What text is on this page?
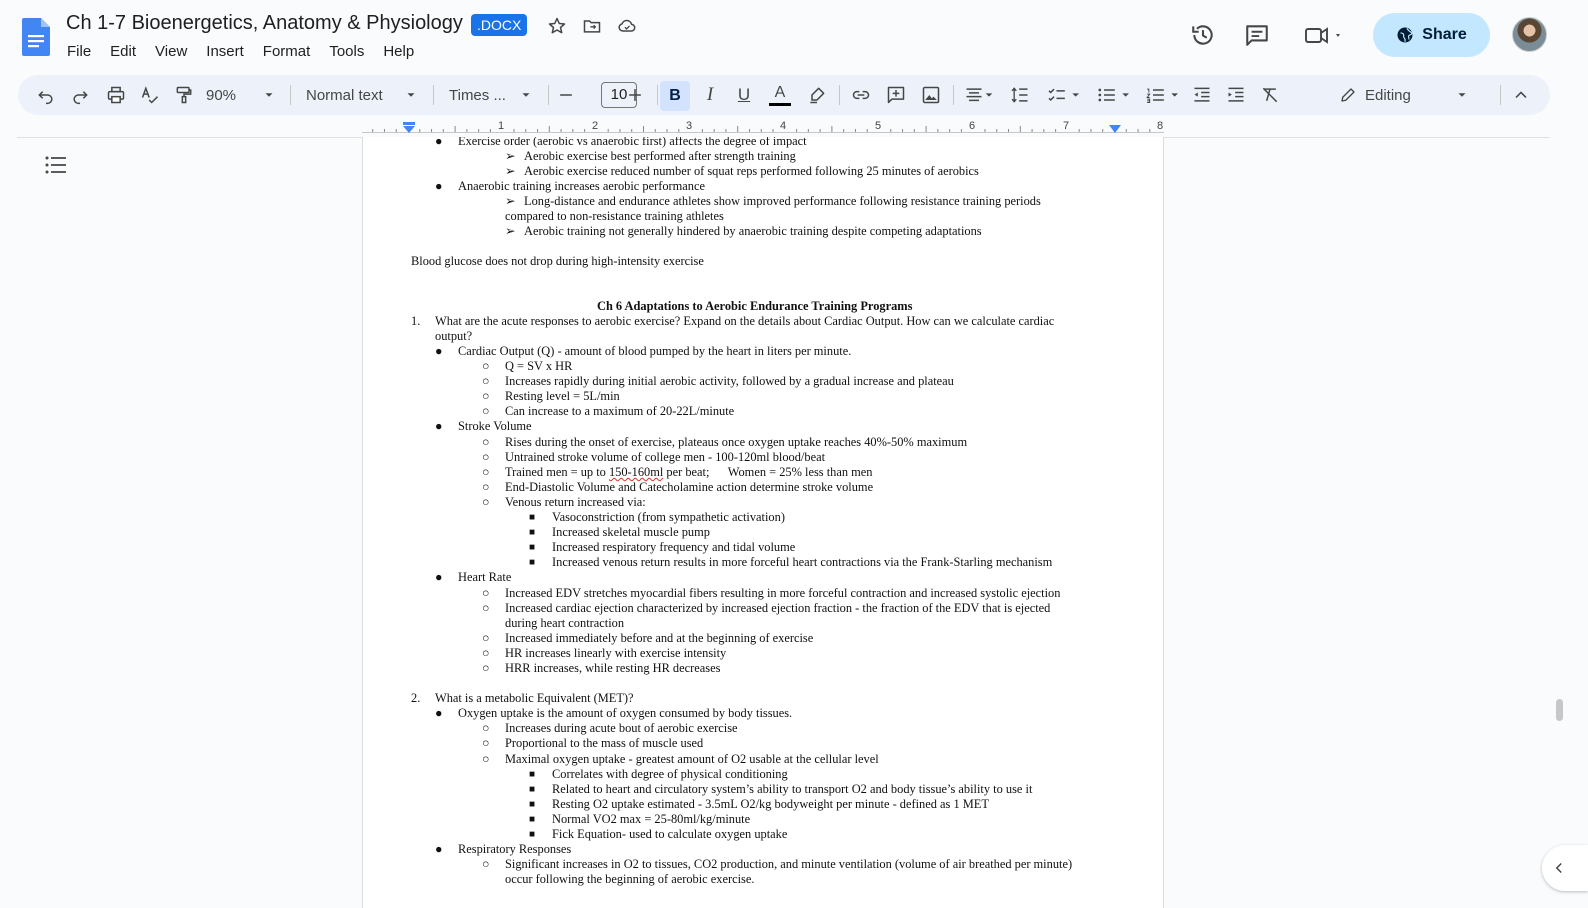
Ch 1-7 Bioenergetics, Anatomy & Physiology	.DOCX
File Edit View Insert Format Tools Help
Share
90%	Normal text	Times ...	10	B	I	U	A	Editing
1	2	3	4	5	6	7	8
● Exercise order (aerobic vs anaerobic first) affects the degree of impact
➢ Aerobic exercise best performed after strength training
➢ Aerobic exercise reduced number of squat reps performed following 25 minutes of aerobics
● Anaerobic training increases aerobic performance
➢ Long-distance and endurance athletes show improved performance following resistance training periods
compared to non-resistance training athletes
➢ Aerobic training not generally hindered by anaerobic training despite competing adaptations
Blood glucose does not drop during high-intensity exercise
Ch 6 Adaptations to Aerobic Endurance Training Programs
1. What are the acute responses to aerobic exercise? Expand on the details about Cardiac Output. How can we calculate cardiac
output?
● Cardiac Output (Q) - amount of blood pumped by the heart in liters per minute.
○ Q = SV x HR
○ Increases rapidly during initial aerobic activity, followed by a gradual increase and plateau
○ Resting level = 5L/min
○ Can increase to a maximum of 20-22L/minute
● Stroke Volume
○ Rises during the onset of exercise, plateaus once oxygen uptake reaches 40%-50% maximum
○ Untrained stroke volume of college men - 100-120ml blood/beat
○ Trained men = up to 150-160ml per beat;      Women = 25% less than men
○ End-Diastolic Volume and Catecholamine action determine stroke volume
○ Venous return increased via:
■ Vasoconstriction (from sympathetic activation)
■ Increased skeletal muscle pump
■ Increased respiratory frequency and tidal volume
■ Increased venous return results in more forceful heart contractions via the Frank-Starling mechanism
● Heart Rate
○ Increased EDV stretches myocardial fibers resulting in more forceful contraction and increased systolic ejection
○ Increased cardiac ejection characterized by increased ejection fraction - the fraction of the EDV that is ejected
during heart contraction
○ Increased immediately before and at the beginning of exercise
○ HR increases linearly with exercise intensity
○ HRR increases, while resting HR decreases
2. What is a metabolic Equivalent (MET)?
● Oxygen uptake is the amount of oxygen consumed by body tissues.
○ Increases during acute bout of aerobic exercise
○ Proportional to the mass of muscle used
○ Maximal oxygen uptake - greatest amount of O2 usable at the cellular level
■ Correlates with degree of physical conditioning
■ Related to heart and circulatory system’s ability to transport O2 and body tissue’s ability to use it
■ Resting O2 uptake estimated - 3.5mL O2/kg bodyweight per minute - defined as 1 MET
■ Normal VO2 max = 25-80ml/kg/minute
■ Fick Equation- used to calculate oxygen uptake
● Respiratory Responses
○ Significant increases in O2 to tissues, CO2 production, and minute ventilation (volume of air breathed per minute)
occur following the beginning of aerobic exercise.
